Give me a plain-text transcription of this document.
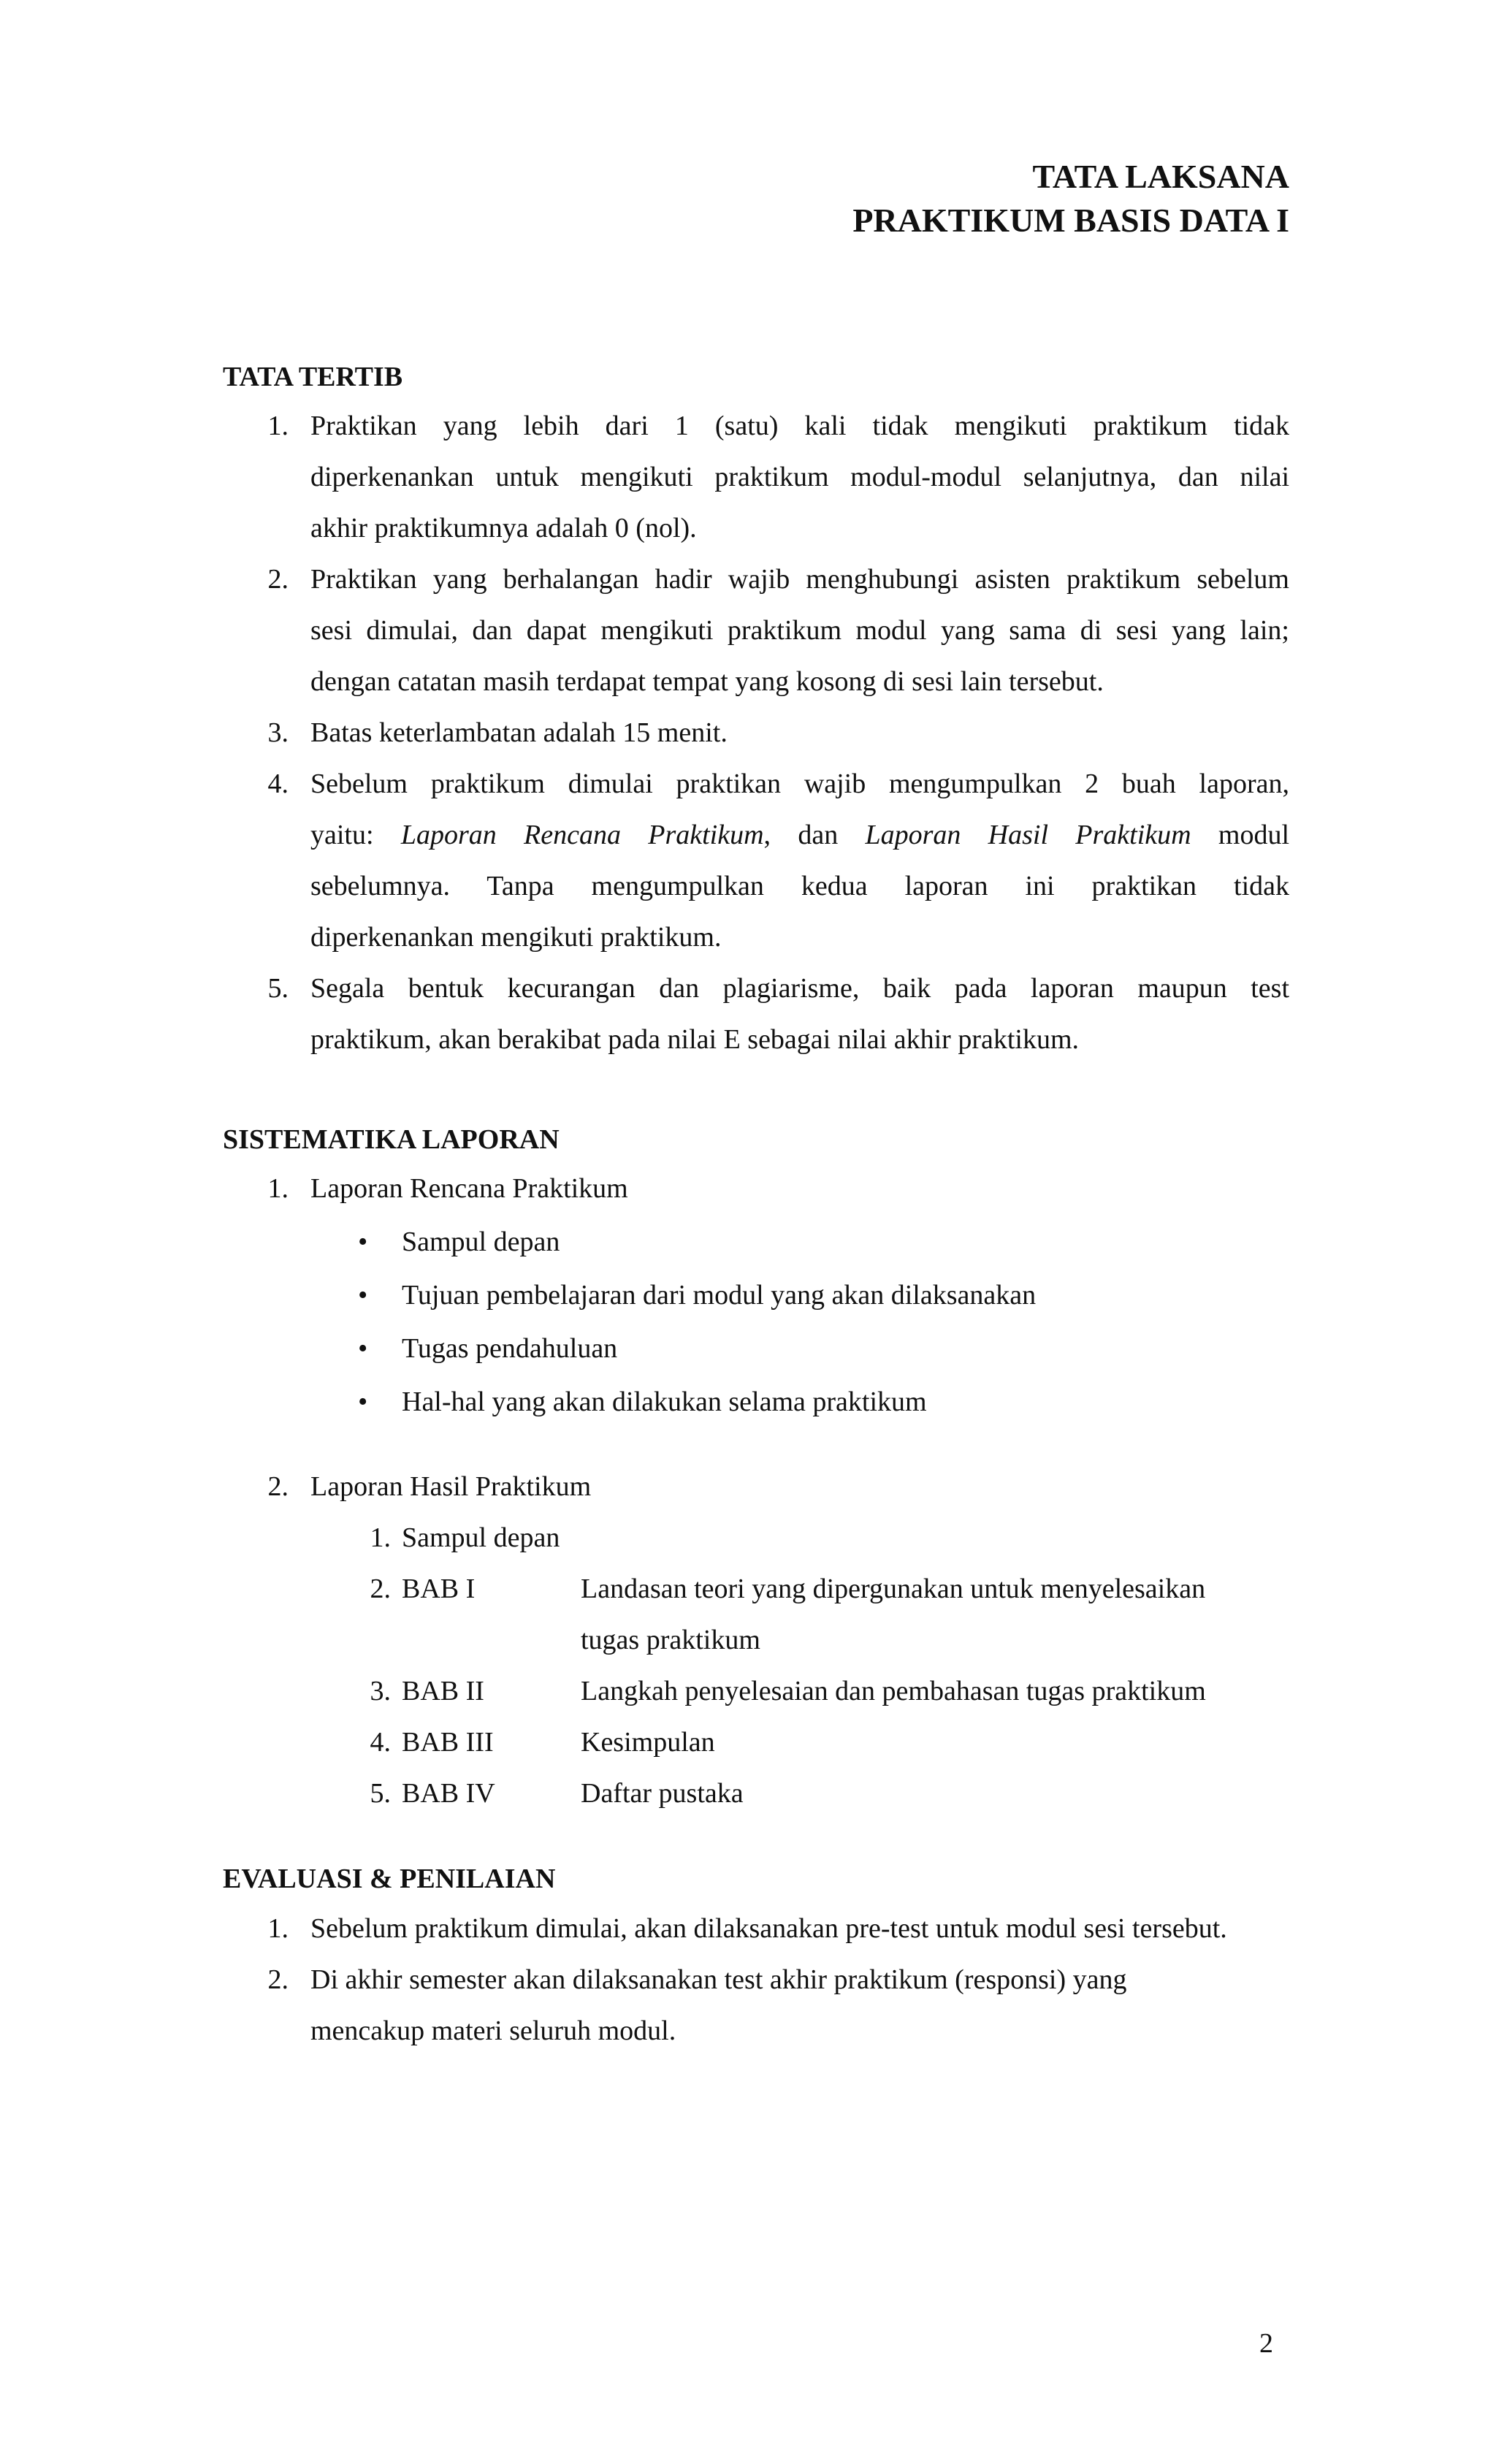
TATA LAKSANA
PRAKTIKUM BASIS DATA I
TATA TERTIB
1. Praktikan yang lebih dari 1 (satu) kali tidak mengikuti praktikum tidak
diperkenankan untuk mengikuti praktikum modul-modul selanjutnya, dan nilai
akhir praktikumnya adalah 0 (nol).
2. Praktikan yang berhalangan hadir wajib menghubungi asisten praktikum sebelum
sesi dimulai, dan dapat mengikuti praktikum modul yang sama di sesi yang lain;
dengan catatan masih terdapat tempat yang kosong di sesi lain tersebut.
3. Batas keterlambatan adalah 15 menit.
4. Sebelum praktikum dimulai praktikan wajib mengumpulkan 2 buah laporan,
yaitu: Laporan Rencana Praktikum, dan Laporan Hasil Praktikum modul
sebelumnya. Tanpa mengumpulkan kedua laporan ini praktikan tidak
diperkenankan mengikuti praktikum.
5. Segala bentuk kecurangan dan plagiarisme, baik pada laporan maupun test
praktikum, akan berakibat pada nilai E sebagai nilai akhir praktikum.
SISTEMATIKA LAPORAN
1. Laporan Rencana Praktikum
•	Sampul depan
•	Tujuan pembelajaran dari modul yang akan dilaksanakan
•	Tugas pendahuluan
•	Hal-hal yang akan dilakukan selama praktikum
2. Laporan Hasil Praktikum
1. Sampul depan
2. BAB I	Landasan teori yang dipergunakan untuk menyelesaikan
tugas praktikum
3. BAB II	Langkah penyelesaian dan pembahasan tugas praktikum
4. BAB III	Kesimpulan
5. BAB IV	Daftar pustaka
EVALUASI & PENILAIAN
1. Sebelum praktikum dimulai, akan dilaksanakan pre-test untuk modul sesi tersebut.
2. Di akhir semester akan dilaksanakan test akhir praktikum (responsi) yang
mencakup materi seluruh modul.
2
